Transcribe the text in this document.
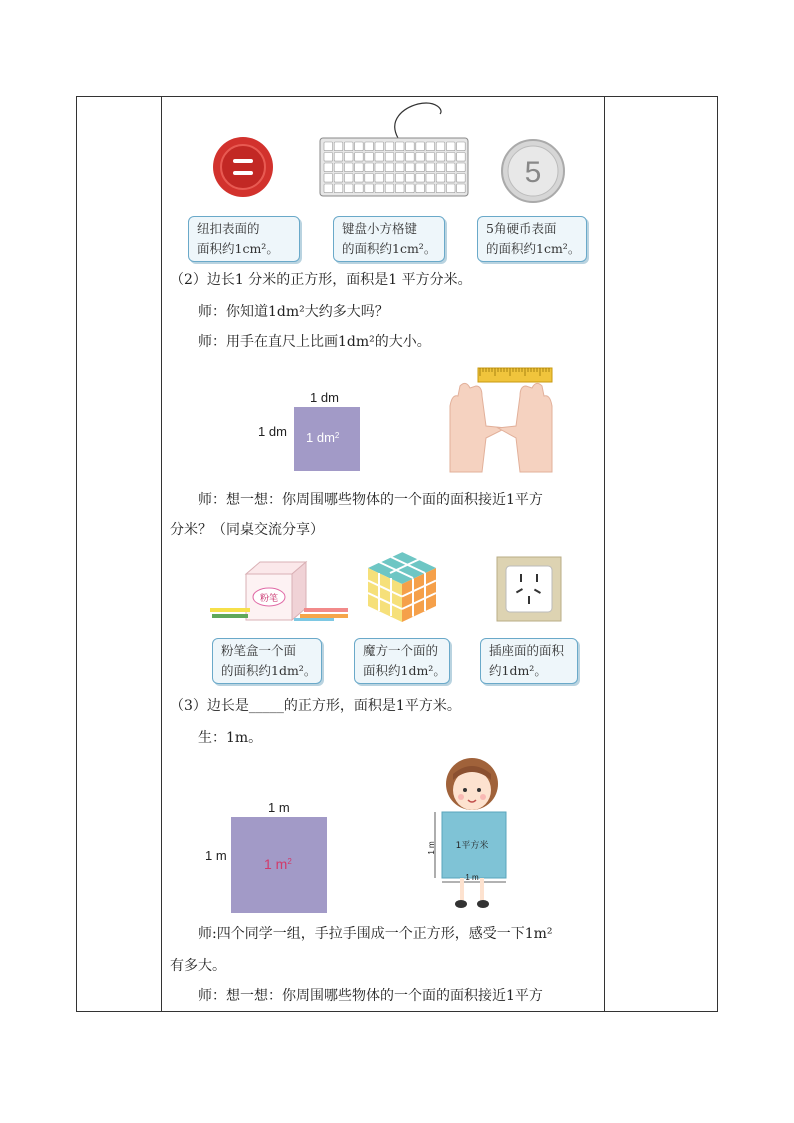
5
纽扣表面的
面积约1cm²。
键盘小方格键
的面积约1cm²。
5角硬币表面
的面积约1cm²。
（2）边长1 分米的正方形，面积是1 平方分米。
师：你知道1dm²大约多大吗？
师：用手在直尺上比画1dm²的大小。
1 dm
1 dm 1 $dm^2$
师：想一想：你周围哪些物体的一个面的面积接近1平方
分米？（同桌交流分享）
粉笔
粉笔盒一个面
的面积约1dm²。
魔方一个面的
面积约1dm²。
插座面的面积
约1dm²。
（3）边长是_____的正方形，面积是1平方米。
生：1m。
1 m
1 m
1 $m^2$
1平方米
1 m
1 m
师:四个同学一组，手拉手围成一个正方形，感受一下1m²
有多大。
师：想一想：你周围哪些物体的一个面的面积接近1平方
